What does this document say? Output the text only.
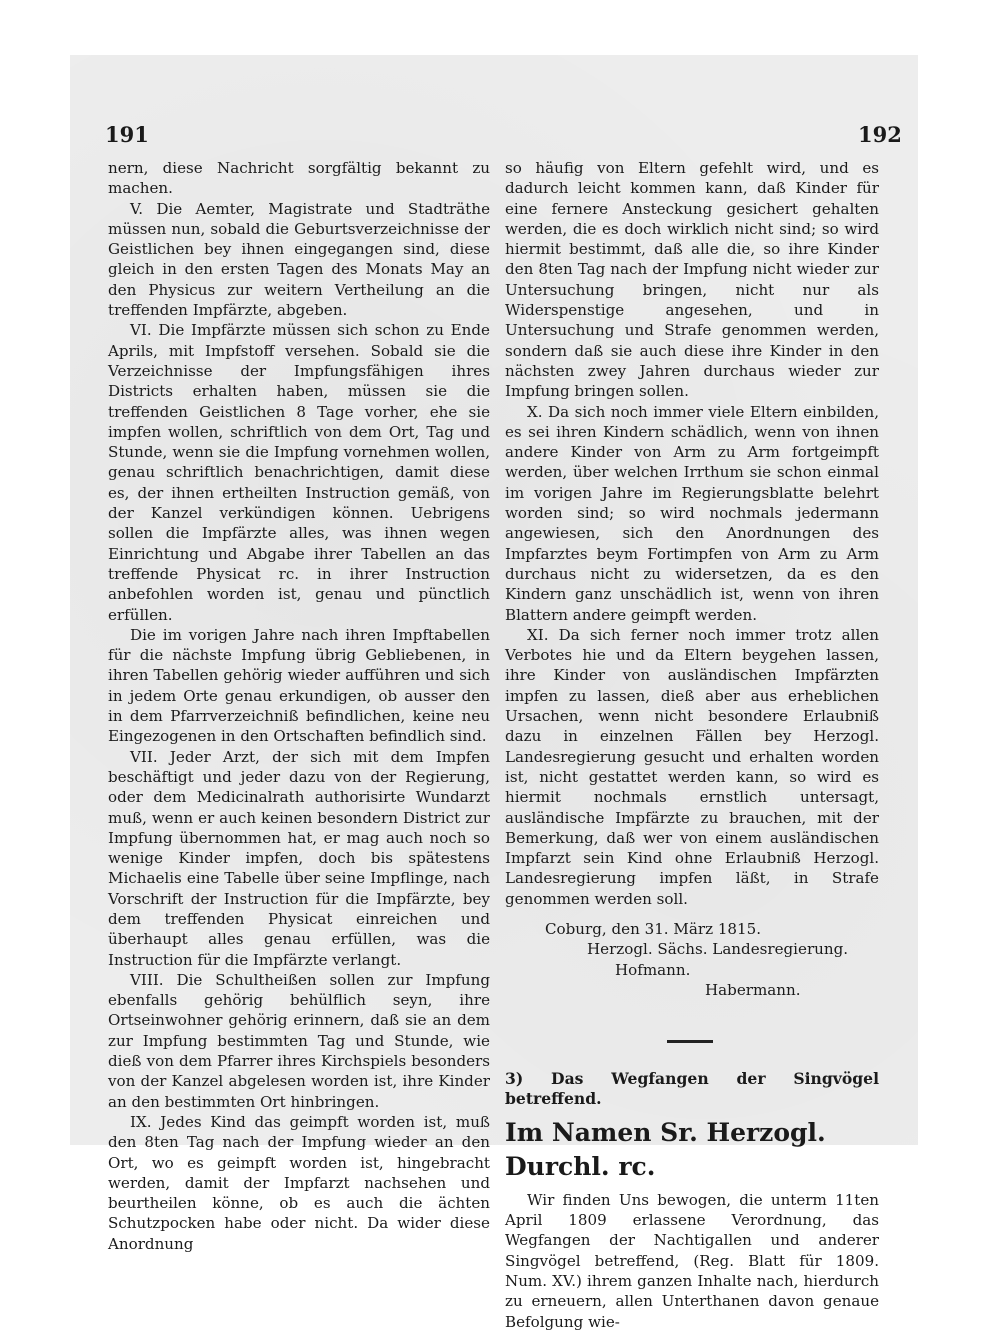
191	192

nern, diese Nachricht sorgfältig bekannt zu machen.

V. Die Aemter, Magistrate und Stadträthe müssen nun, sobald die Geburtsverzeichnisse der Geistlichen bey ihnen eingegangen sind, diese gleich in den ersten Tagen des Monats May an den Physicus zur weitern Vertheilung an die treffenden Impfärzte, abgeben.

VI. Die Impfärzte müssen sich schon zu Ende Aprils, mit Impfstoff versehen. Sobald sie die Verzeichnisse der Impfungsfähigen ihres Districts erhalten haben, müssen sie die treffenden Geistlichen 8 Tage vorher, ehe sie impfen wollen, schriftlich von dem Ort, Tag und Stunde, wenn sie die Impfung vornehmen wollen, genau schriftlich benachrichtigen, damit diese es, der ihnen ertheilten Instruction gemäß, von der Kanzel verkündigen können. Uebrigens sollen die Impfärzte alles, was ihnen wegen Einrichtung und Abgabe ihrer Tabellen an das treffende Physicat rc. in ihrer Instruction anbefohlen worden ist, genau und pünctlich erfüllen.

Die im vorigen Jahre nach ihren Impftabellen für die nächste Impfung übrig Gebliebenen, in ihren Tabellen gehörig wieder aufführen und sich in jedem Orte genau erkundigen, ob ausser den in dem Pfarrverzeichniß befindlichen, keine neu Eingezogenen in den Ortschaften befindlich sind.

VII. Jeder Arzt, der sich mit dem Impfen beschäftigt und jeder dazu von der Regierung, oder dem Medicinalrath authorisirte Wundarzt muß, wenn er auch keinen besondern District zur Impfung übernommen hat, er mag auch noch so wenige Kinder impfen, doch bis spätestens Michaelis eine Tabelle über seine Impflinge, nach Vorschrift der Instruction für die Impfärzte, bey dem treffenden Physicat einreichen und überhaupt alles genau erfüllen, was die Instruction für die Impfärzte verlangt.

VIII. Die Schultheißen sollen zur Impfung ebenfalls gehörig behülflich seyn, ihre Ortseinwohner gehörig erinnern, daß sie an dem zur Impfung bestimmten Tag und Stunde, wie dieß von dem Pfarrer ihres Kirchspiels besonders von der Kanzel abgelesen worden ist, ihre Kinder an den bestimmten Ort hinbringen.

IX. Jedes Kind das geimpft worden ist, muß den 8ten Tag nach der Impfung wieder an den Ort, wo es geimpft worden ist, hingebracht werden, damit der Impfarzt nachsehen und beurtheilen könne, ob es auch die ächten Schutzpocken habe oder nicht. Da wider diese Anordnung

so häufig von Eltern gefehlt wird, und es dadurch leicht kommen kann, daß Kinder für eine fernere Ansteckung gesichert gehalten werden, die es doch wirklich nicht sind; so wird hiermit bestimmt, daß alle die, so ihre Kinder den 8ten Tag nach der Impfung nicht wieder zur Untersuchung bringen, nicht nur als Widerspenstige angesehen, und in Untersuchung und Strafe genommen werden, sondern daß sie auch diese ihre Kinder in den nächsten zwey Jahren durchaus wieder zur Impfung bringen sollen.

X. Da sich noch immer viele Eltern einbilden, es sei ihren Kindern schädlich, wenn von ihnen andere Kinder von Arm zu Arm fortgeimpft werden, über welchen Irrthum sie schon einmal im vorigen Jahre im Regierungsblatte belehrt worden sind; so wird nochmals jedermann angewiesen, sich den Anordnungen des Impfarztes beym Fortimpfen von Arm zu Arm durchaus nicht zu widersetzen, da es den Kindern ganz unschädlich ist, wenn von ihren Blattern andere geimpft werden.

XI. Da sich ferner noch immer trotz allen Verbotes hie und da Eltern beygehen lassen, ihre Kinder von ausländischen Impfärzten impfen zu lassen, dieß aber aus erheblichen Ursachen, wenn nicht besondere Erlaubniß dazu in einzelnen Fällen bey Herzogl. Landesregierung gesucht und erhalten worden ist, nicht gestattet werden kann, so wird es hiermit nochmals ernstlich untersagt, ausländische Impfärzte zu brauchen, mit der Bemerkung, daß wer von einem ausländischen Impfarzt sein Kind ohne Erlaubniß Herzogl. Landesregierung impfen läßt, in Strafe genommen werden soll.

Coburg, den 31. März 1815.

Herzogl. Sächs. Landesregierung.

Hofmann.

Habermann.

3) Das Wegfangen der Singvögel betreffend.

Im Namen Sr. Herzogl. Durchl. rc.

Wir finden Uns bewogen, die unterm 11ten April 1809 erlassene Verordnung, das Wegfangen der Nachtigallen und anderer Singvögel betreffend, (Reg. Blatt für 1809. Num. XV.) ihrem ganzen Inhalte nach, hierdurch zu erneuern, allen Unterthanen davon genaue Befolgung wie-
